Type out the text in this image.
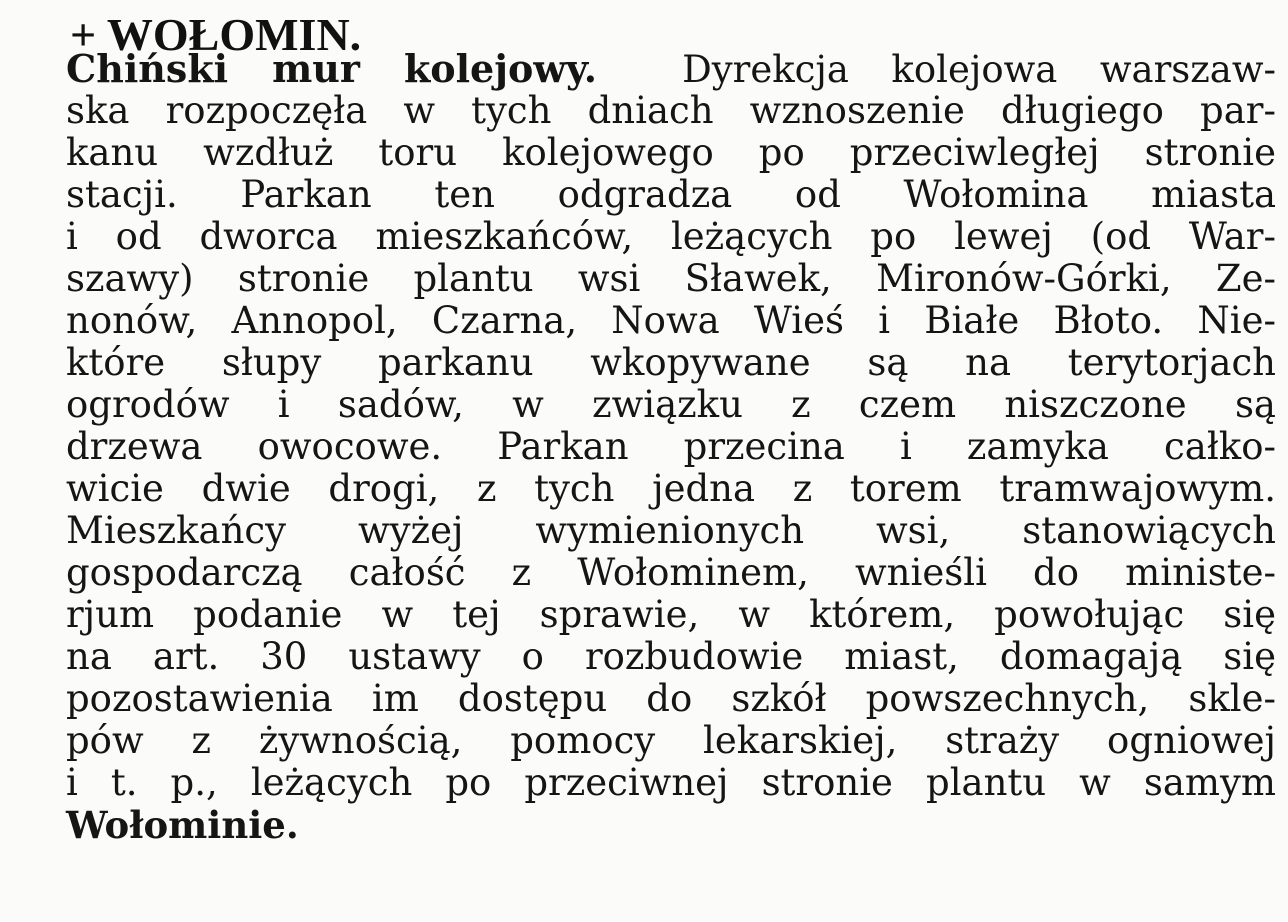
+ WOŁOMIN.
Chiński mur kolejowy. Dyrekcja kolejowa warszaw-
ska rozpoczęła w tych dniach wznoszenie długiego par-
kanu wzdłuż toru kolejowego po przeciwległej stronie
stacji. Parkan ten odgradza od Wołomina miasta
i od dworca mieszkańców, leżących po lewej (od War-
szawy) stronie plantu wsi Sławek, Mironów-Górki, Ze-
nonów, Annopol, Czarna, Nowa Wieś i Białe Błoto. Nie-
które słupy parkanu wkopywane są na terytorjach
ogrodów i sadów, w związku z czem niszczone są
drzewa owocowe. Parkan przecina i zamyka całko-
wicie dwie drogi, z tych jedna z torem tramwajowym.
Mieszkańcy wyżej wymienionych wsi, stanowiących
gospodarczą całość z Wołominem, wnieśli do ministe-
rjum podanie w tej sprawie, w którem, powołując się
na art. 30 ustawy o rozbudowie miast, domagają się
pozostawienia im dostępu do szkół powszechnych, skle-
pów z żywnością, pomocy lekarskiej, straży ogniowej
i t. p., leżących po przeciwnej stronie plantu w samym
Wołominie.
